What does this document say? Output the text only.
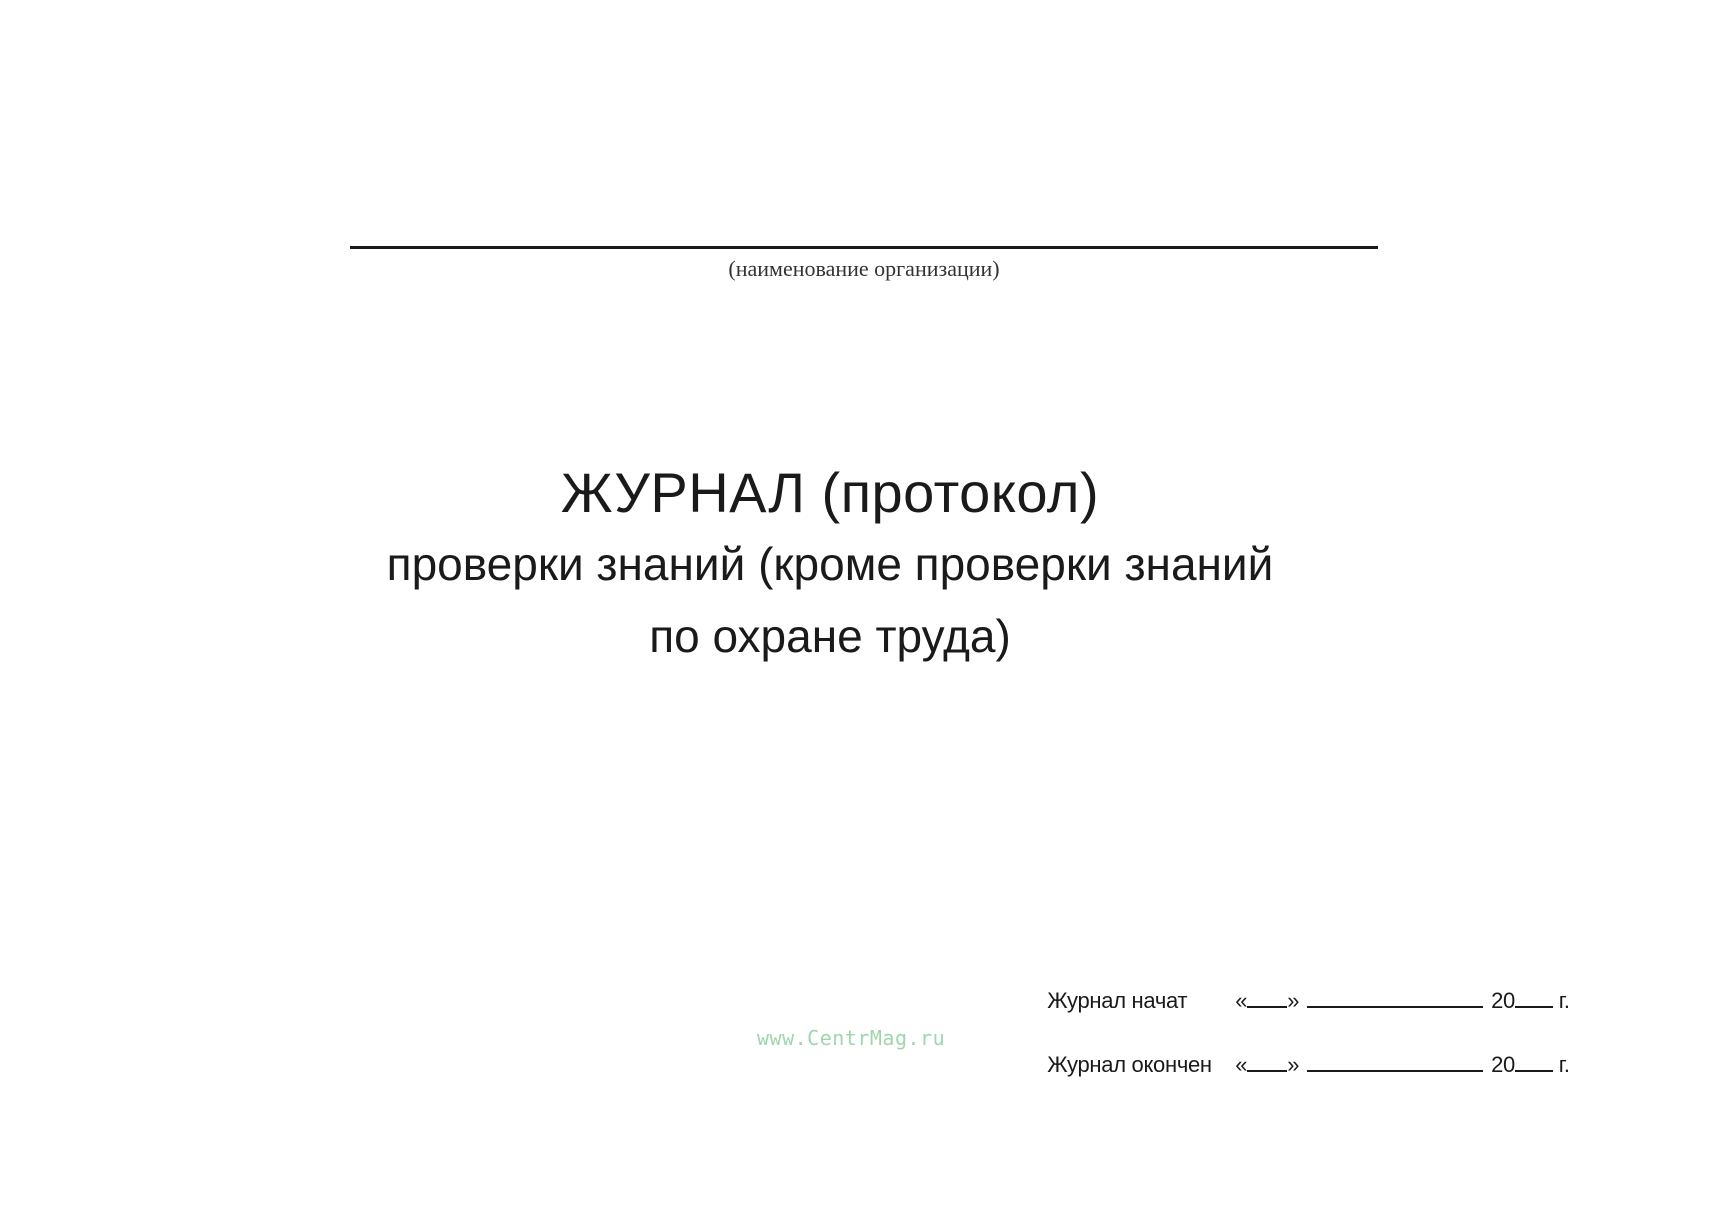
(наименование организации)
ЖУРНАЛ (протокол)
проверки знаний (кроме проверки знаний
по охране труда)

Журнал начат « »	20 г.

www.CentrMag.ru

Журнал окончен « »	20 г.
